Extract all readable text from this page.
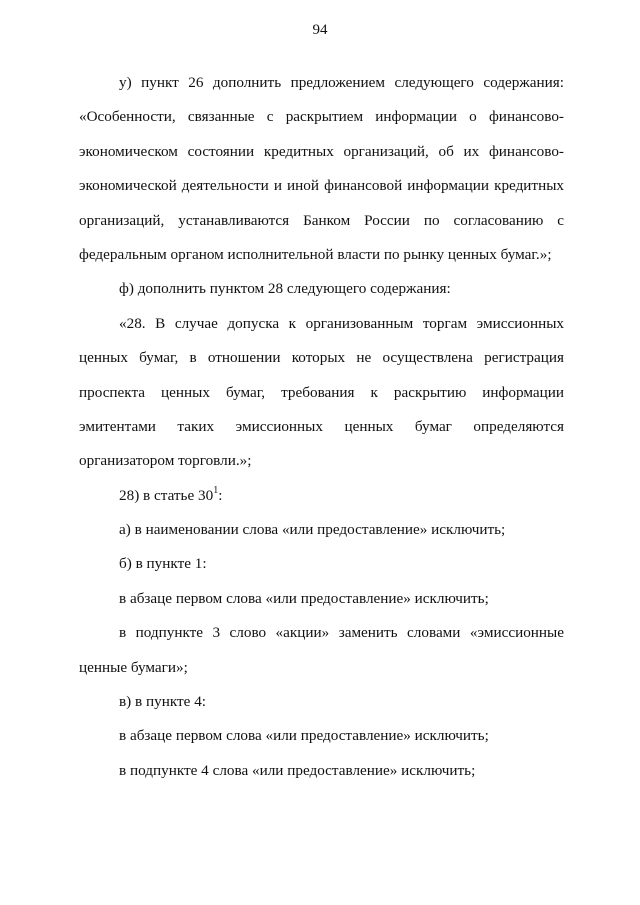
94
у) пункт 26 дополнить предложением следующего содержания:
«Особенности, связанные с раскрытием информации о финансово-
экономическом состоянии кредитных организаций, об их финансово-
экономической деятельности и иной финансовой информации кредитных
организаций, устанавливаются Банком России по согласованию с
федеральным органом исполнительной власти по рынку ценных бумаг.»;
ф) дополнить пунктом 28 следующего содержания:
«28. В случае допуска к организованным торгам эмиссионных
ценных бумаг, в отношении которых не осуществлена регистрация
проспекта ценных бумаг, требования к раскрытию информации
эмитентами таких эмиссионных ценных бумаг определяются
организатором торговли.»;
28) в статье $30^1$:
а) в наименовании слова «или предоставление» исключить;
б) в пункте 1:
в абзаце первом слова «или предоставление» исключить;
в подпункте 3 слово «акции» заменить словами «эмиссионные
ценные бумаги»;
в) в пункте 4:
в абзаце первом слова «или предоставление» исключить;
в подпункте 4 слова «или предоставление» исключить;
